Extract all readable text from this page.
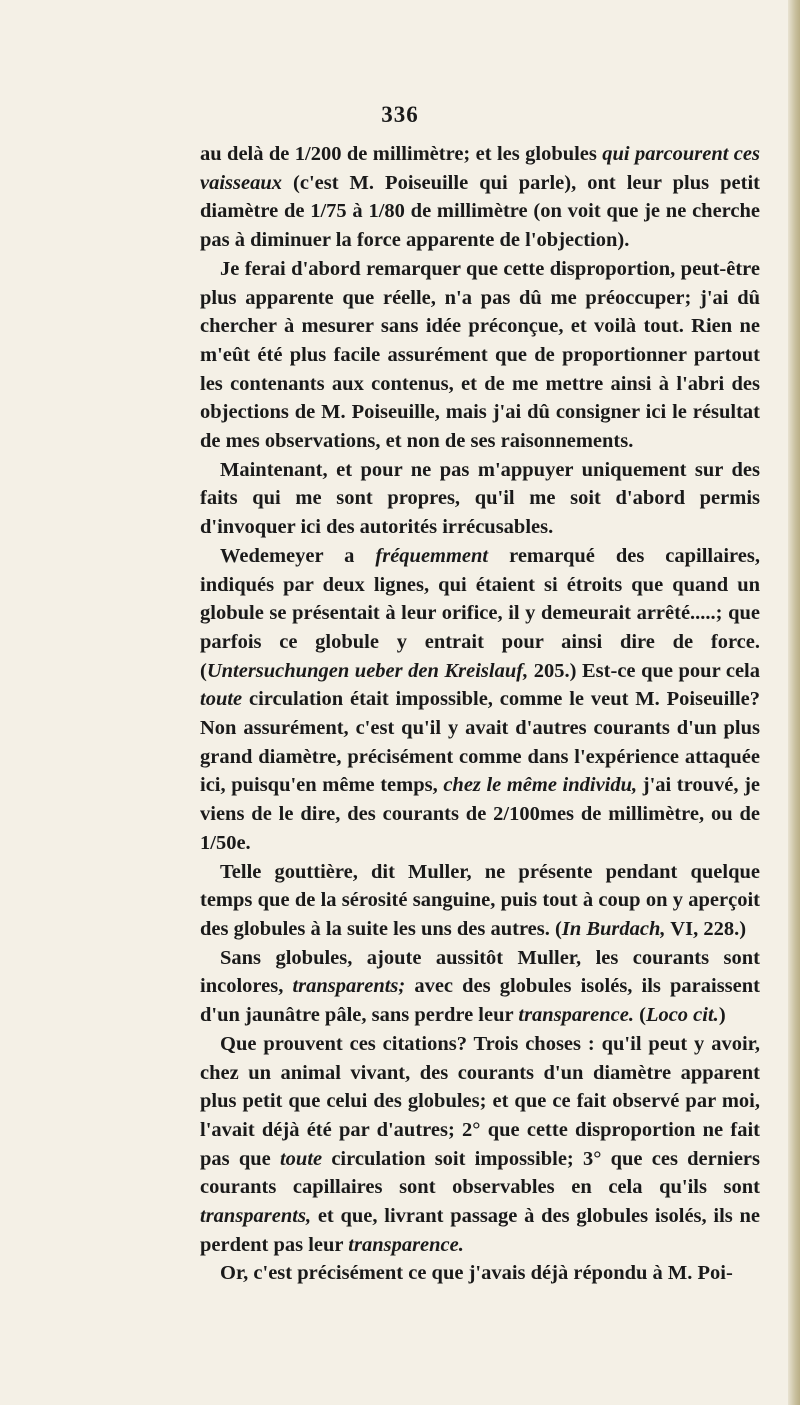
336

au delà de 1/200 de millimètre; et les globules qui parcourent ces vaisseaux (c'est M. Poiseuille qui parle), ont leur plus petit diamètre de 1/75 à 1/80 de millimètre (on voit que je ne cherche pas à diminuer la force apparente de l'objection).

Je ferai d'abord remarquer que cette disproportion, peut-être plus apparente que réelle, n'a pas dû me préoccuper; j'ai dû chercher à mesurer sans idée préconçue, et voilà tout. Rien ne m'eût été plus facile assurément que de proportionner partout les contenants aux contenus, et de me mettre ainsi à l'abri des objections de M. Poiseuille, mais j'ai dû consigner ici le résultat de mes observations, et non de ses raisonnements.

Maintenant, et pour ne pas m'appuyer uniquement sur des faits qui me sont propres, qu'il me soit d'abord permis d'invoquer ici des autorités irrécusables.

Wedemeyer a fréquemment remarqué des capillaires, indiqués par deux lignes, qui étaient si étroits que quand un globule se présentait à leur orifice, il y demeurait arrêté.....; que parfois ce globule y entrait pour ainsi dire de force. (Untersuchungen ueber den Kreislauf, 205.) Est-ce que pour cela toute circulation était impossible, comme le veut M. Poiseuille? Non assurément, c'est qu'il y avait d'autres courants d'un plus grand diamètre, précisément comme dans l'expérience attaquée ici, puisqu'en même temps, chez le même individu, j'ai trouvé, je viens de le dire, des courants de 2/100mes de millimètre, ou de 1/50e.

Telle gouttière, dit Muller, ne présente pendant quelque temps que de la sérosité sanguine, puis tout à coup on y aperçoit des globules à la suite les uns des autres. (In Burdach, VI, 228.)

Sans globules, ajoute aussitôt Muller, les courants sont incolores, transparents; avec des globules isolés, ils paraissent d'un jaunâtre pâle, sans perdre leur transparence. (Loco cit.)

Que prouvent ces citations? Trois choses : qu'il peut y avoir, chez un animal vivant, des courants d'un diamètre apparent plus petit que celui des globules; et que ce fait observé par moi, l'avait déjà été par d'autres; 2° que cette disproportion ne fait pas que toute circulation soit impossible; 3° que ces derniers courants capillaires sont observables en cela qu'ils sont transparents, et que, livrant passage à des globules isolés, ils ne perdent pas leur transparence.

Or, c'est précisément ce que j'avais déjà répondu à M. Poi-
